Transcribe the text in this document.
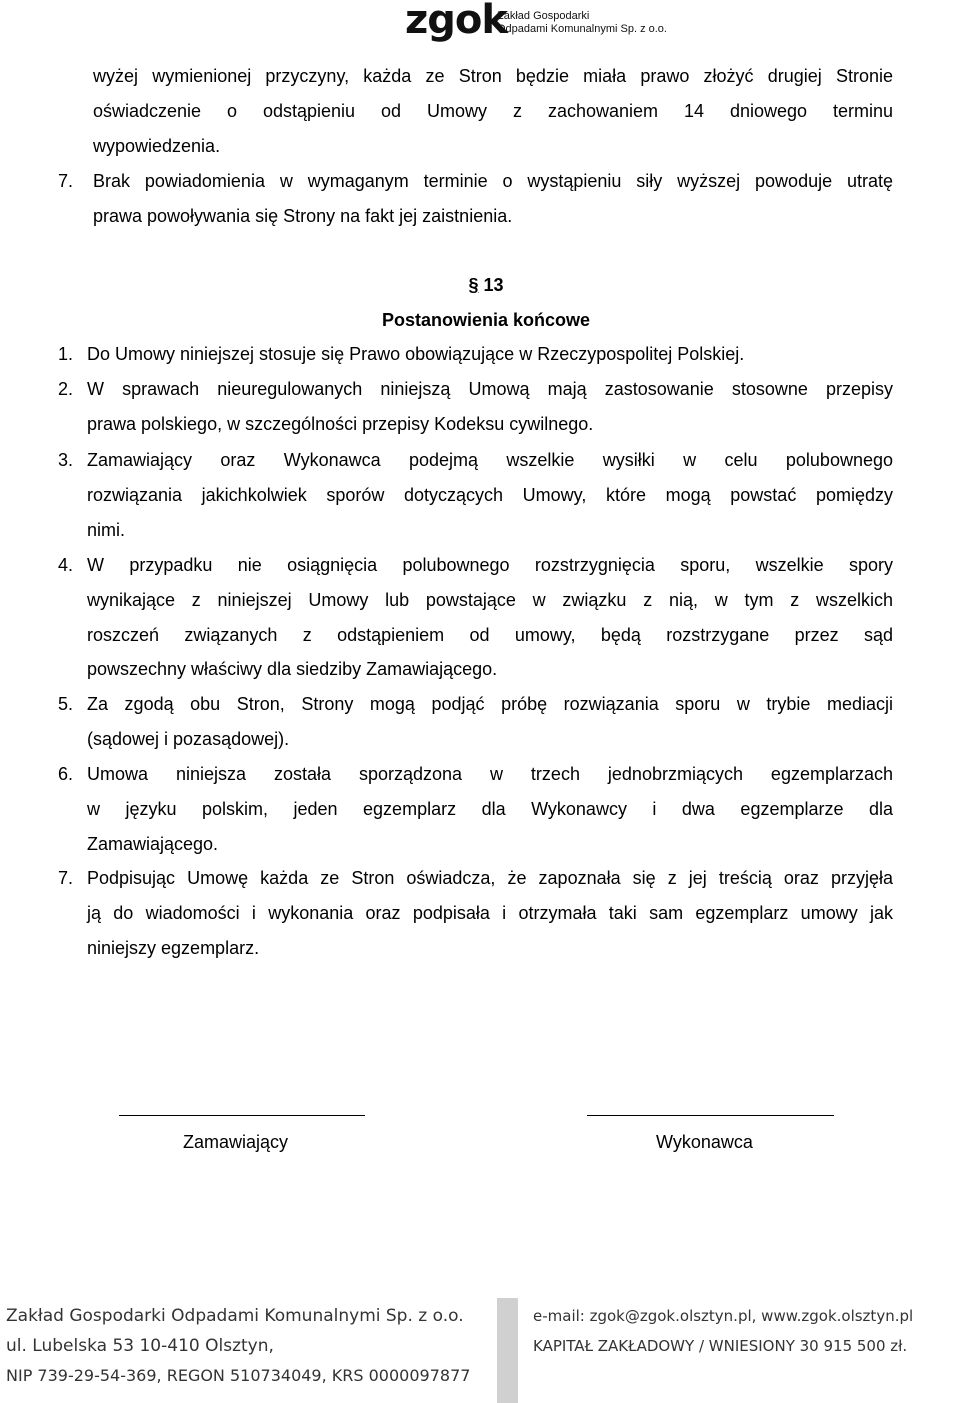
zgok
Zakład Gospodarki
Odpadami Komunalnymi Sp. z o.o.
wyżej wymienionej przyczyny, każda ze Stron będzie miała prawo złożyć drugiej Stronie
oświadczenie o odstąpieniu od Umowy z zachowaniem 14 dniowego terminu
wypowiedzenia.
7. Brak powiadomienia w wymaganym terminie o wystąpieniu siły wyższej powoduje utratę
prawa powoływania się Strony na fakt jej zaistnienia.
§ 13
Postanowienia końcowe
1. Do Umowy niniejszej stosuje się Prawo obowiązujące w Rzeczypospolitej Polskiej.
2. W sprawach nieuregulowanych niniejszą Umową mają zastosowanie stosowne przepisy
prawa polskiego, w szczególności przepisy Kodeksu cywilnego.
3. Zamawiający oraz Wykonawca podejmą wszelkie wysiłki w celu polubownego
rozwiązania jakichkolwiek sporów dotyczących Umowy, które mogą powstać pomiędzy
nimi.
4. W przypadku nie osiągnięcia polubownego rozstrzygnięcia sporu, wszelkie spory
wynikające z niniejszej Umowy lub powstające w związku z nią, w tym z wszelkich
roszczeń związanych z odstąpieniem od umowy, będą rozstrzygane przez sąd
powszechny właściwy dla siedziby Zamawiającego.
5. Za zgodą obu Stron, Strony mogą podjąć próbę rozwiązania sporu w trybie mediacji
(sądowej i pozasądowej).
6. Umowa niniejsza została sporządzona w trzech jednobrzmiących egzemplarzach
w języku polskim, jeden egzemplarz dla Wykonawcy i dwa egzemplarze dla
Zamawiającego.
7. Podpisując Umowę każda ze Stron oświadcza, że zapoznała się z jej treścią oraz przyjęła
ją do wiadomości i wykonania oraz podpisała i otrzymała taki sam egzemplarz umowy jak
niniejszy egzemplarz.
Zamawiający	Wykonawca
Zakład Gospodarki Odpadami Komunalnymi Sp. z o.o.
ul. Lubelska 53 10-410 Olsztyn,
NIP 739-29-54-369, REGON 510734049, KRS 0000097877
e-mail: zgok@zgok.olsztyn.pl, www.zgok.olsztyn.pl
KAPITAŁ ZAKŁADOWY / WNIESIONY 30 915 500 zł.
